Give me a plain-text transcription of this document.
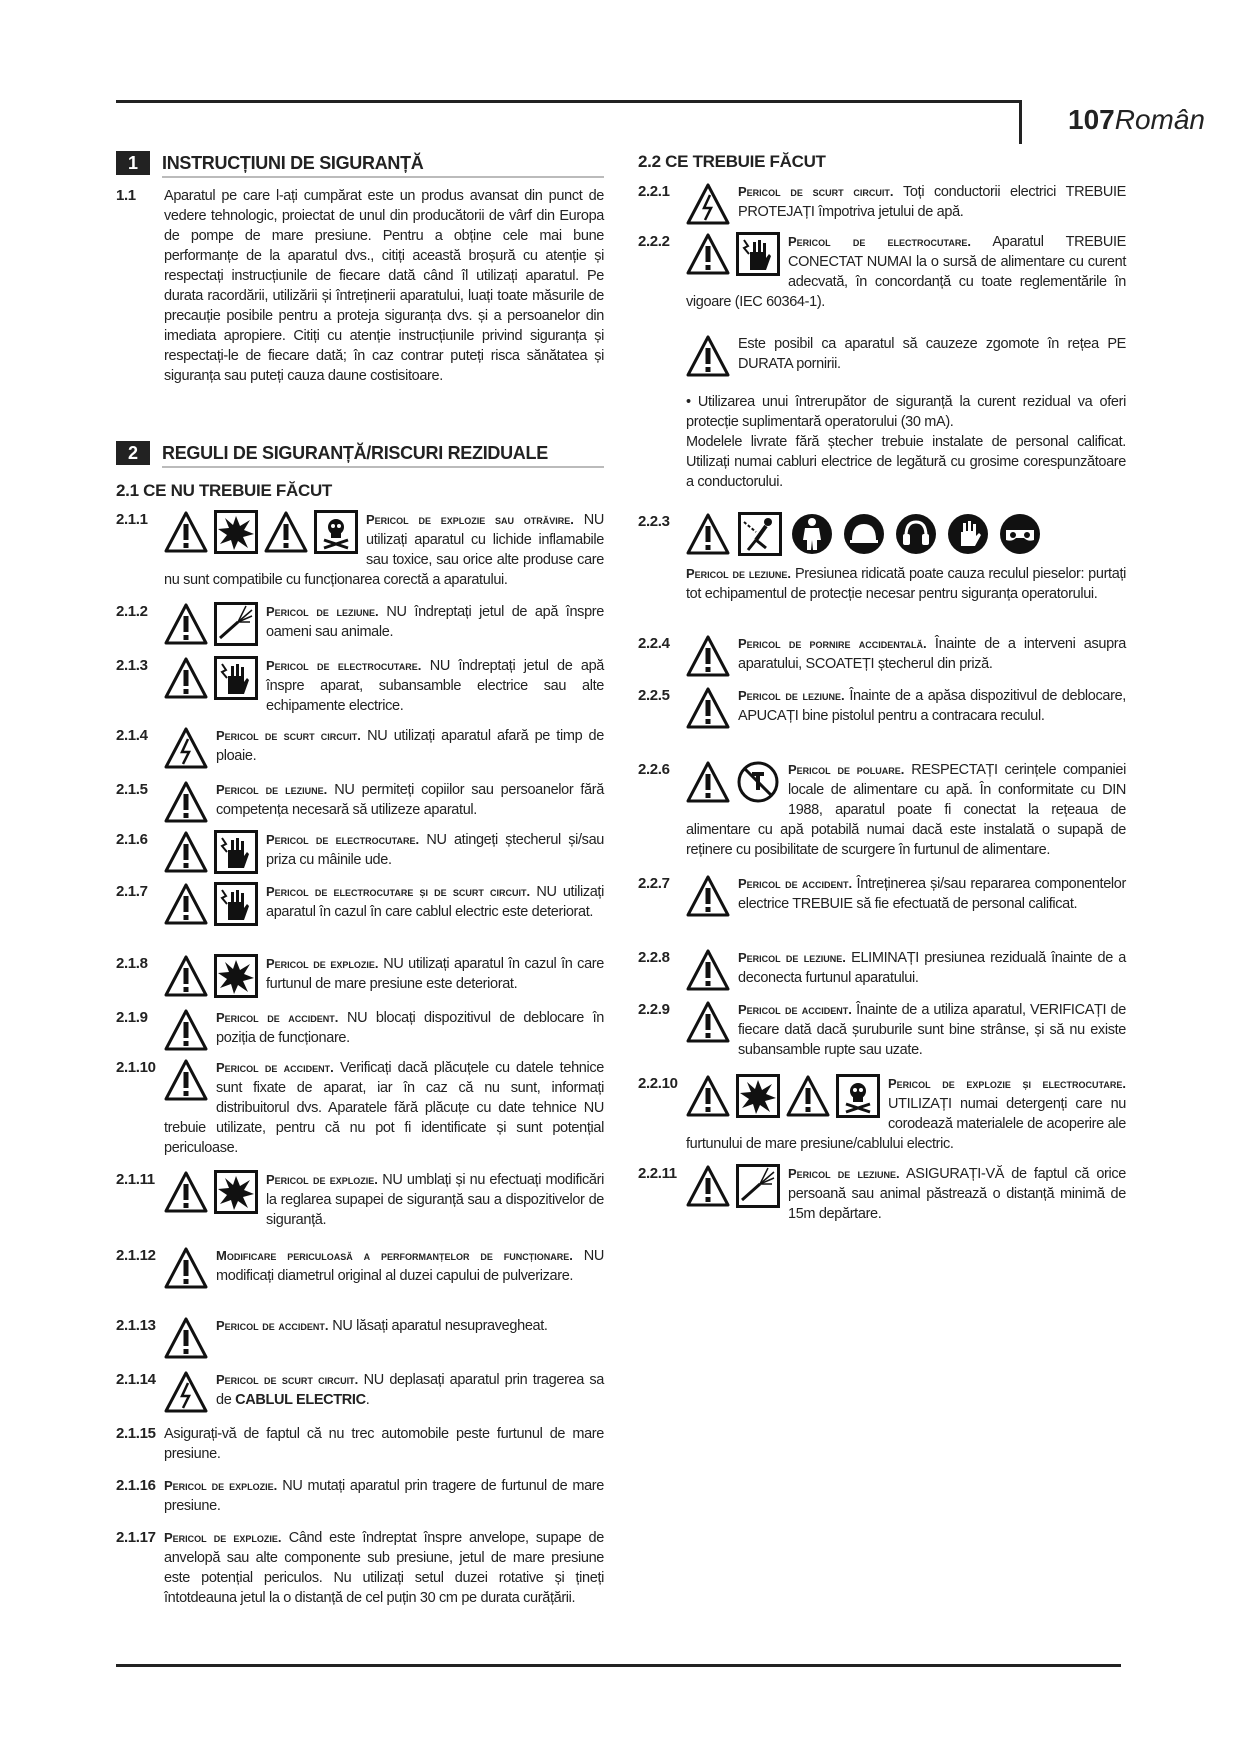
107Român
1	INSTRUCȚIUNI DE SIGURANȚĂ
1.1 Aparatul pe care l-ați cumpărat este un produs avansat din punct de vedere tehnologic, proiectat de unul din producătorii de vârf din Europa de pompe de mare presiune. Pentru a obține cele mai bune performanțe de la aparatul dvs., citiți această broșură cu atenție și respectați instrucțiunile de fiecare dată când îl utilizați aparatul. Pe durata racordării, utilizării și întreținerii aparatului, luați toate măsurile de precauție posibile pentru a proteja siguranța dvs. și a persoanelor din imediata apropiere. Citiți cu atenție instrucțiunile privind siguranța și respectați-le de fiecare dată; în caz contrar puteți risca sănătatea și siguranța sau puteți cauza daune costisitoare.
2	REGULI DE SIGURANȚĂ/RISCURI REZIDUALE
2.1 CE NU TREBUIE FĂCUT
2.1.1	Pericol de explozie sau otrăvire. NU utilizați aparatul cu lichide inflamabile sau toxice, sau orice alte produse care nu sunt compatibile cu funcționarea corectă a aparatului.
2.1.2	Pericol de leziune. NU îndreptați jetul de apă înspre oameni sau animale.
2.1.3	Pericol de electrocutare. NU îndreptați jetul de apă înspre aparat, subansamble electrice sau alte echipamente electrice.
2.1.4	Pericol de scurt circuit. NU utilizați aparatul afară pe timp de ploaie.
2.1.5	Pericol de leziune. NU permiteți copiilor sau persoanelor fără competența necesară să utilizeze aparatul.
2.1.6	Pericol de electrocutare. NU atingeți ștecherul și/sau priza cu mâinile ude.
2.1.7	Pericol de electrocutare și de scurt circuit. NU utilizați aparatul în cazul în care cablul electric este deteriorat.
2.1.8	Pericol de explozie. NU utilizați aparatul în cazul în care furtunul de mare presiune este deteriorat.
2.1.9	Pericol de accident. NU blocați dispozitivul de deblocare în poziția de funcționare.
2.1.10	Pericol de accident. Verificați dacă plăcuțele cu datele tehnice sunt fixate de aparat, iar în caz că nu sunt, informați distribuitorul dvs. Aparatele fără plăcuțe cu date tehnice NU trebuie utilizate, pentru că nu pot fi identificate și sunt potențial periculoase.
2.1.11	Pericol de explozie. NU umblați și nu efectuați modificări la reglarea supapei de siguranță sau a dispozitivelor de siguranță.
2.1.12	Modificare periculoasă a performanțelor de funcționare. NU modificați diametrul original al duzei capului de pulverizare.
2.1.13	Pericol de accident. NU lăsați aparatul nesupravegheat.
2.1.14	Pericol de scurt circuit. NU deplasați aparatul prin tragerea sa de CABLUL ELECTRIC.
2.1.15 Asigurați-vă de faptul că nu trec automobile peste furtunul de mare presiune.
2.1.16 Pericol de explozie. NU mutați aparatul prin tragere de furtunul de mare presiune.
2.1.17 Pericol de explozie. Când este îndreptat înspre anvelope, supape de anvelopă sau alte componente sub presiune, jetul de mare presiune este potențial periculos. Nu utilizați setul duzei rotative și țineți întotdeauna jetul la o distanță de cel puțin 30 cm pe durata curățării.
2.2 CE TREBUIE FĂCUT
2.2.1	Pericol de scurt circuit. Toți conductorii electrici TREBUIE PROTEJAȚI împotriva jetului de apă.
2.2.2	Pericol de electrocutare. Aparatul TREBUIE CONECTAT NUMAI la o sursă de alimentare cu curent adecvată, în concordanță cu toate reglementările în vigoare (IEC 60364-1).
Este posibil ca aparatul să cauzeze zgomote în rețea PE DURATA pornirii.
• Utilizarea unui întrerupător de siguranță la curent rezidual va oferi protecție suplimentară operatorului (30 mA).
Modelele livrate fără ștecher trebuie instalate de personal calificat. Utilizați numai cabluri electrice de legătură cu grosime corespunzătoare a conductorului.
2.2.3
Pericol de leziune. Presiunea ridicată poate cauza reculul pieselor: purtați tot echipamentul de protecție necesar pentru siguranța operatorului.
2.2.4	Pericol de pornire accidentală. Înainte de a interveni asupra aparatului, SCOATEȚI ștecherul din priză.
2.2.5	Pericol de leziune. Înainte de a apăsa dispozitivul de deblocare, APUCAȚI bine pistolul pentru a contracara reculul.
2.2.6	Pericol de poluare. RESPECTAȚI cerințele companiei locale de alimentare cu apă. În conformitate cu DIN 1988, aparatul poate fi conectat la rețeaua de alimentare cu apă potabilă numai dacă este instalată o supapă de reținere cu posibilitate de scurgere în furtunul de alimentare.
2.2.7	Pericol de accident. Întreținerea și/sau repararea componentelor electrice TREBUIE să fie efectuată de personal calificat.
2.2.8	Pericol de leziune. ELIMINAȚI presiunea reziduală înainte de a deconecta furtunul aparatului.
2.2.9	Pericol de accident. Înainte de a utiliza aparatul, VERIFICAȚI de fiecare dată dacă șuruburile sunt bine strânse, și să nu existe subansamble rupte sau uzate.
2.2.10	Pericol de explozie și electrocutare. UTILIZAȚI numai detergenți care nu corodează materialele de acoperire ale furtunului de mare presiune/cablului electric.
2.2.11	Pericol de leziune. ASIGURAȚI-VĂ de faptul că orice persoană sau animal păstrează o distanță minimă de 15m depărtare.
